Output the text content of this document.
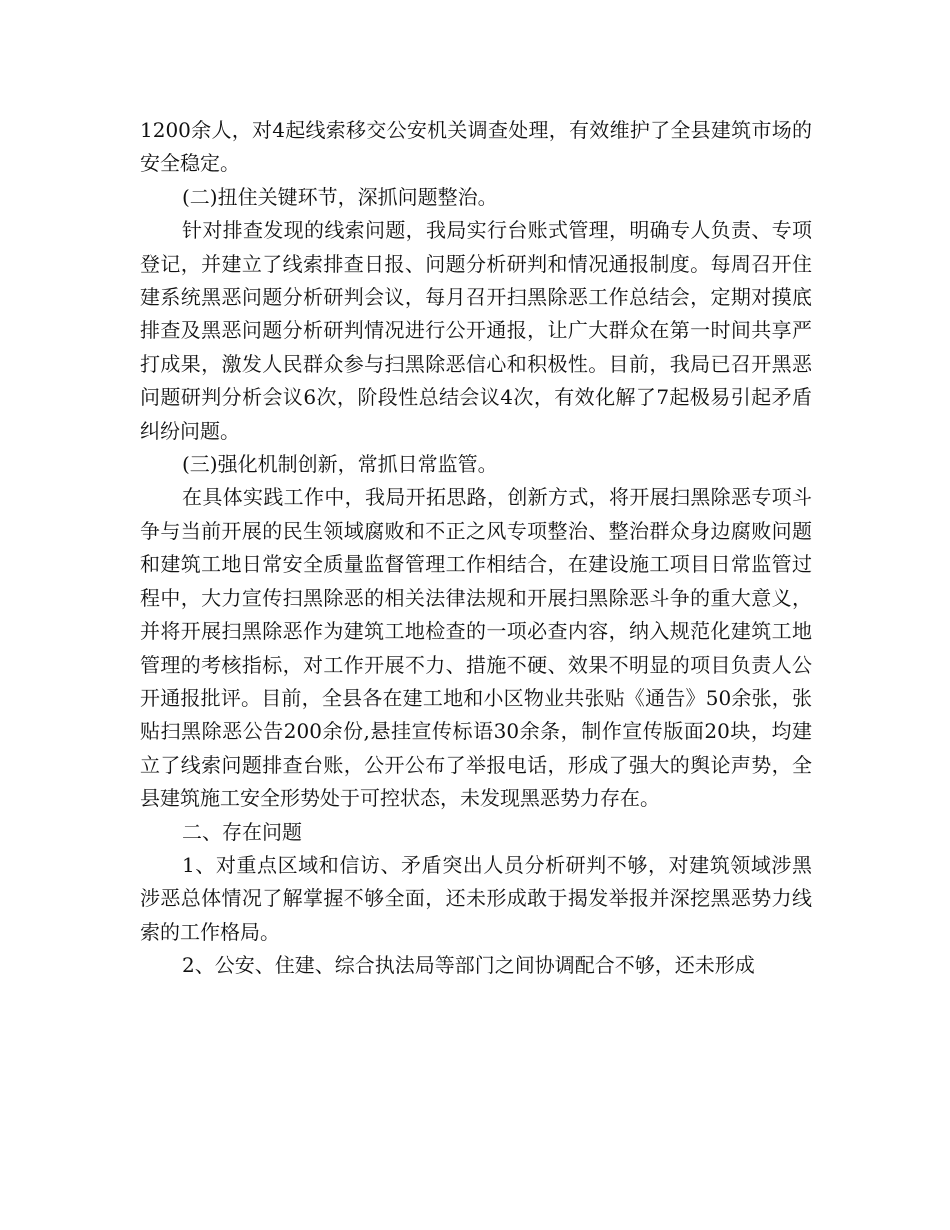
1200余人，对4起线索移交公安机关调查处理，有效维护了全县建筑市场的安全稳定。

(二)扭住关键环节，深抓问题整治。

针对排查发现的线索问题，我局实行台账式管理，明确专人负责、专项登记，并建立了线索排查日报、问题分析研判和情况通报制度。每周召开住建系统黑恶问题分析研判会议，每月召开扫黑除恶工作总结会，定期对摸底排查及黑恶问题分析研判情况进行公开通报，让广大群众在第一时间共享严打成果，激发人民群众参与扫黑除恶信心和积极性。目前，我局已召开黑恶问题研判分析会议6次，阶段性总结会议4次，有效化解了7起极易引起矛盾纠纷问题。

(三)强化机制创新，常抓日常监管。

在具体实践工作中，我局开拓思路，创新方式，将开展扫黑除恶专项斗争与当前开展的民生领域腐败和不正之风专项整治、整治群众身边腐败问题和建筑工地日常安全质量监督管理工作相结合，在建设施工项目日常监管过程中，大力宣传扫黑除恶的相关法律法规和开展扫黑除恶斗争的重大意义，并将开展扫黑除恶作为建筑工地检查的一项必查内容，纳入规范化建筑工地管理的考核指标，对工作开展不力、措施不硬、效果不明显的项目负责人公开通报批评。目前，全县各在建工地和小区物业共张贴《通告》50余张，张贴扫黑除恶公告200余份,悬挂宣传标语30余条，制作宣传版面20块，均建立了线索问题排查台账，公开公布了举报电话，形成了强大的舆论声势，全县建筑施工安全形势处于可控状态，未发现黑恶势力存在。

二、存在问题

1、对重点区域和信访、矛盾突出人员分析研判不够，对建筑领域涉黑涉恶总体情况了解掌握不够全面，还未形成敢于揭发举报并深挖黑恶势力线索的工作格局。

2、公安、住建、综合执法局等部门之间协调配合不够，还未形成
